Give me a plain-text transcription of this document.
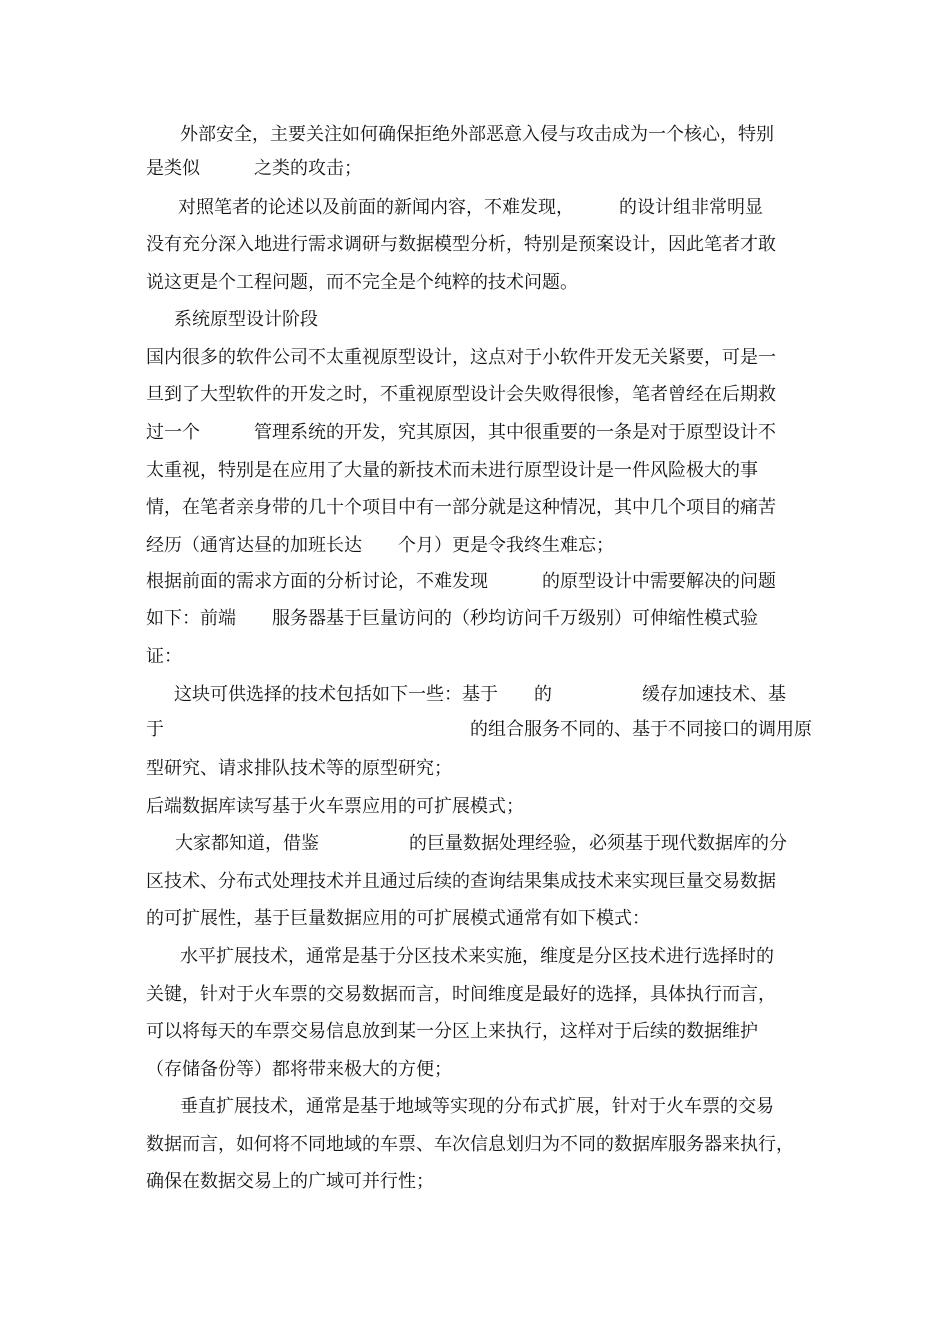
外部安全，主要关注如何确保拒绝外部恶意入侵与攻击成为一个核心，特别
是类似　　　之类的攻击；
对照笔者的论述以及前面的新闻内容，不难发现，　　　的设计组非常明显
没有充分深入地进行需求调研与数据模型分析，特别是预案设计，因此笔者才敢
说这更是个工程问题，而不完全是个纯粹的技术问题。
系统原型设计阶段
国内很多的软件公司不太重视原型设计，这点对于小软件开发无关紧要，可是一
旦到了大型软件的开发之时，不重视原型设计会失败得很惨，笔者曾经在后期救
过一个　　　管理系统的开发，究其原因，其中很重要的一条是对于原型设计不
太重视，特别是在应用了大量的新技术而未进行原型设计是一件风险极大的事
情，在笔者亲身带的几十个项目中有一部分就是这种情况，其中几个项目的痛苦
经历（通宵达昼的加班长达　　个月）更是令我终生难忘；
根据前面的需求方面的分析讨论，不难发现　　　的原型设计中需要解决的问题
如下：前端　　服务器基于巨量访问的（秒均访问千万级别）可伸缩性模式验
证：
这块可供选择的技术包括如下一些：基于　　的　　　　　缓存加速技术、基
于　　　　　　　　　　　　　　　　　的组合服务不同的、基于不同接口的调用原
型研究、请求排队技术等的原型研究；
后端数据库读写基于火车票应用的可扩展模式；
大家都知道，借鉴　　　　　的巨量数据处理经验，必须基于现代数据库的分
区技术、分布式处理技术并且通过后续的查询结果集成技术来实现巨量交易数据
的可扩展性，基于巨量数据应用的可扩展模式通常有如下模式：
水平扩展技术，通常是基于分区技术来实施，维度是分区技术进行选择时的
关键，针对于火车票的交易数据而言，时间维度是最好的选择，具体执行而言，
可以将每天的车票交易信息放到某一分区上来执行，这样对于后续的数据维护
（存储备份等）都将带来极大的方便；
垂直扩展技术，通常是基于地域等实现的分布式扩展，针对于火车票的交易
数据而言，如何将不同地域的车票、车次信息划归为不同的数据库服务器来执行，
确保在数据交易上的广域可并行性；
